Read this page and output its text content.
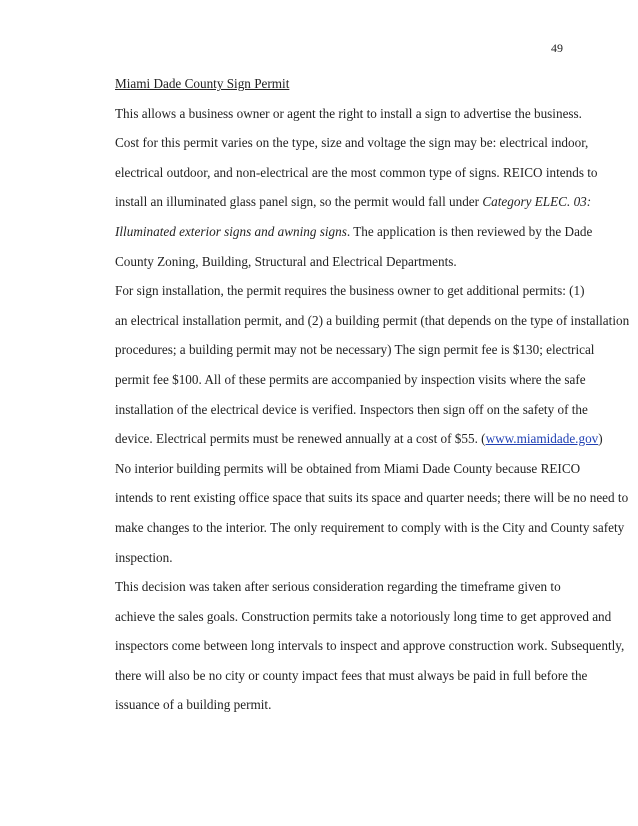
49

Miami Dade County Sign Permit

This allows a business owner or agent the right to install a sign to advertise the business.
Cost for this permit varies on the type, size and voltage the sign may be: electrical indoor,
electrical outdoor, and non-electrical are the most common type of signs. REICO intends to
install an illuminated glass panel sign, so the permit would fall under Category ELEC. 03:
Illuminated exterior signs and awning signs. The application is then reviewed by the Dade
County Zoning, Building, Structural and Electrical Departments.

For sign installation, the permit requires the business owner to get additional permits: (1)
an electrical installation permit, and (2) a building permit (that depends on the type of installation
procedures; a building permit may not be necessary) The sign permit fee is $130; electrical
permit fee $100. All of these permits are accompanied by inspection visits where the safe
installation of the electrical device is verified. Inspectors then sign off on the safety of the
device. Electrical permits must be renewed annually at a cost of $55. (www.miamidade.gov)

No interior building permits will be obtained from Miami Dade County because REICO
intends to rent existing office space that suits its space and quarter needs; there will be no need to
make changes to the interior. The only requirement to comply with is the City and County safety
inspection.

This decision was taken after serious consideration regarding the timeframe given to
achieve the sales goals. Construction permits take a notoriously long time to get approved and
inspectors come between long intervals to inspect and approve construction work. Subsequently,
there will also be no city or county impact fees that must always be paid in full before the
issuance of a building permit.
